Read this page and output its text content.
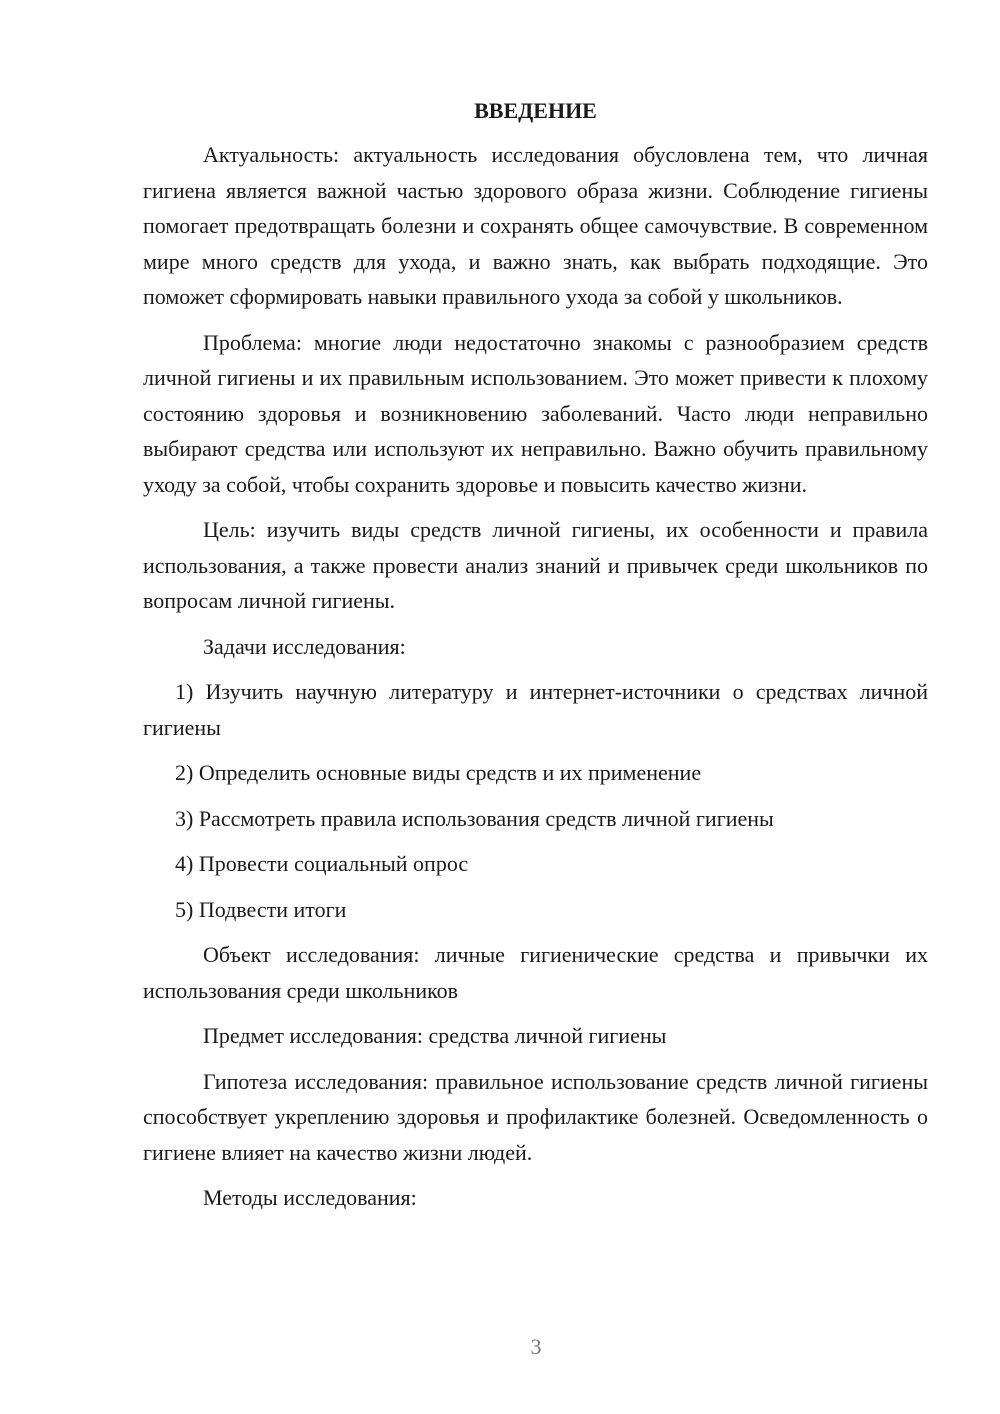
ВВЕДЕНИЕ

Актуальность: актуальность исследования обусловлена тем, что личная гигиена является важной частью здорового образа жизни. Соблюдение гигиены помогает предотвращать болезни и сохранять общее самочувствие. В современном мире много средств для ухода, и важно знать, как выбрать подходящие. Это поможет сформировать навыки правильного ухода за собой у школьников.

Проблема: многие люди недостаточно знакомы с разнообразием средств личной гигиены и их правильным использованием. Это может привести к плохому состоянию здоровья и возникновению заболеваний. Часто люди неправильно выбирают средства или используют их неправильно. Важно обучить правильному уходу за собой, чтобы сохранить здоровье и повысить качество жизни.

Цель: изучить виды средств личной гигиены, их особенности и правила использования, а также провести анализ знаний и привычек среди школьников по вопросам личной гигиены.

Задачи исследования:

1) Изучить научную литературу и интернет-источники о средствах личной гигиены

2) Определить основные виды средств и их применение

3) Рассмотреть правила использования средств личной гигиены

4) Провести социальный опрос

5) Подвести итоги

Объект исследования: личные гигиенические средства и привычки их использования среди школьников

Предмет исследования: средства личной гигиены

Гипотеза исследования: правильное использование средств личной гигиены способствует укреплению здоровья и профилактике болезней. Осведомленность о гигиене влияет на качество жизни людей.

Методы исследования:

3
